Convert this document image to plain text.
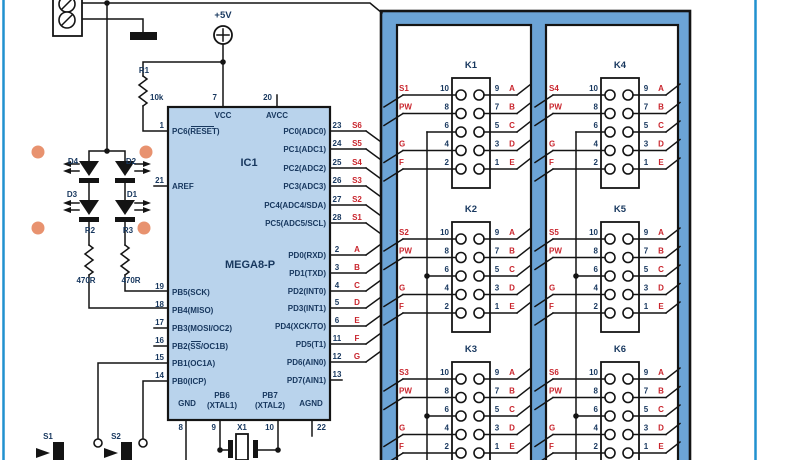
+5V
R1
10k
R2	R3
470R	470R
D4	D2
D3	D1
S1	S2
X1
IC1
MEGA8-P
VCC	AVCC
7	20
GND
PB6
(XTAL1)
PB7
(XTAL2) AGND
8	9	10	22
23 S6
PC0(ADC0)
24 S5
PC1(ADC1)
25 S4
PC2(ADC2)
26 S3
PC3(ADC3)
27 S2
PC4(ADC4/SDA)
28 S1
PC5(ADC5/SCL)
2 A
PD0(RXD)
3 B
PD1(TXD)
4 C
PD2(INT0)
5 D
PD3(INT1)
6 E
PD4(XCK/TO)
11 F
PD5(T1)
12 G
PD6(AIN0)
13
PD7(AIN1)
1
PC6(RESET)
21
AREF
19
PB5(SCK)
18
PB4(MISO)
17
PB3(MOSI/OC2)
16
PB2(SS/OC1B)
15
PB1(OC1A)
14
PB0(ICP)
K1
S1	10	9 A
PW	8	7 B
6	5 C
G	4	3 D
F	2	1 E
K2
S2	10	9 A
PW	8	7 B
6	5 C
G	4	3 D
F	2	1 E
K3
S3	10	9 A
PW	8	7 B
6	5 C
G	4	3 D
F	2	1 E
K4
S4	10	9 A
PW	8	7 B
6	5 C
G	4	3 D
F	2	1 E
K5
S5	10	9 A
PW	8	7 B
6	5 C
G	4	3 D
F	2	1 E
K6
S6	10	9 A
PW	8	7 B
6	5 C
G	4	3 D
F	2	1 E
